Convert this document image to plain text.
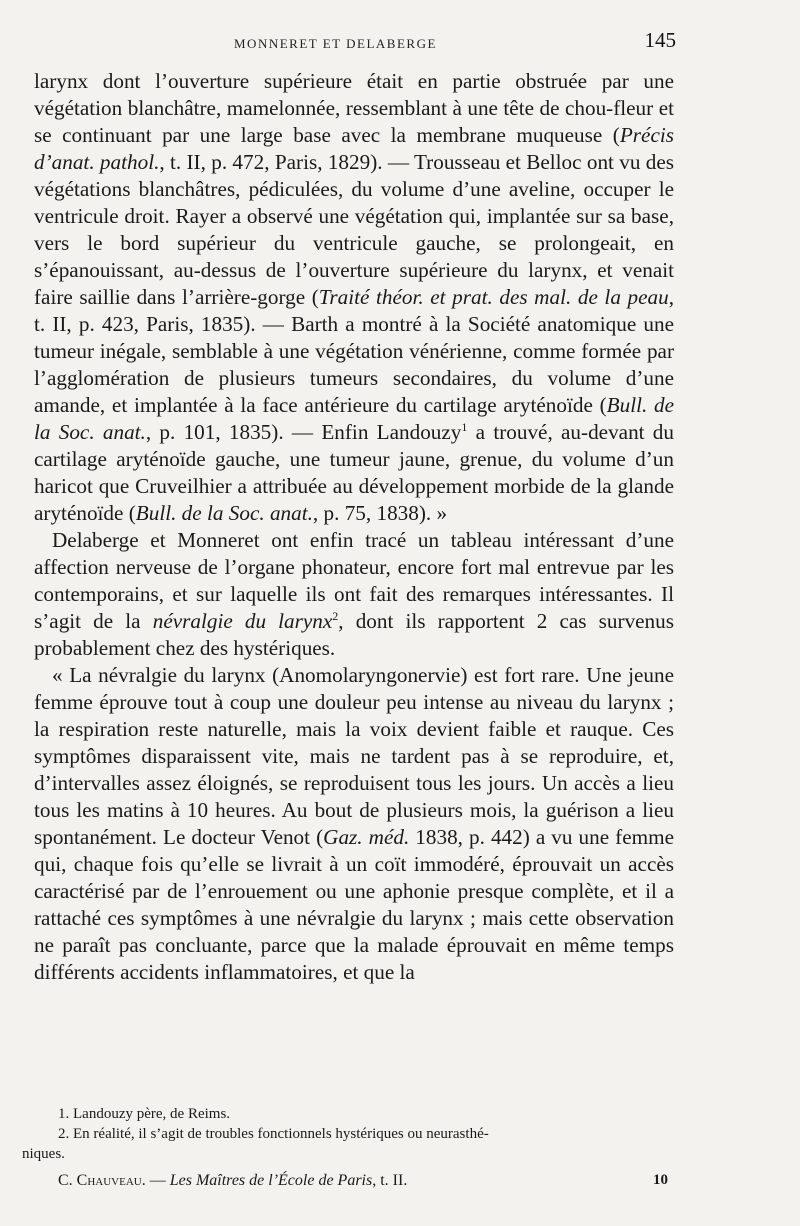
MONNERET ET DELABERGE	145

larynx dont l’ouverture supérieure était en partie obstruée par une végétation blanchâtre, mamelonnée, ressemblant à une tête de chou-fleur et se continuant par une large base avec la membrane muqueuse (Précis d’anat. pathol., t. II, p. 472, Paris, 1829). — Trousseau et Belloc ont vu des végétations blanchâtres, pédiculées, du volume d’une aveline, occuper le ventricule droit. Rayer a observé une végétation qui, implantée sur sa base, vers le bord supérieur du ventricule gauche, se prolongeait, en s’épanouissant, au-dessus de l’ouverture supérieure du larynx, et venait faire saillie dans l’arrière-gorge (Traité théor. et prat. des mal. de la peau, t. II, p. 423, Paris, 1835). — Barth a montré à la Société anatomique une tumeur inégale, semblable à une végétation vénérienne, comme formée par l’agglomération de plusieurs tumeurs secondaires, du volume d’une amande, et implantée à la face antérieure du cartilage aryténoïde (Bull. de la Soc. anat., p. 101, 1835). — Enfin Landouzy$^1$ a trouvé, au-devant du cartilage aryténoïde gauche, une tumeur jaune, grenue, du volume d’un haricot que Cruveilhier a attribuée au développement morbide de la glande aryténoïde (Bull. de la Soc. anat., p. 75, 1838). »

Delaberge et Monneret ont enfin tracé un tableau intéressant d’une affection nerveuse de l’organe phonateur, encore fort mal entrevue par les contemporains, et sur laquelle ils ont fait des remarques intéressantes. Il s’agit de la névralgie du larynx$^2$, dont ils rapportent 2 cas survenus probablement chez des hystériques.

« La névralgie du larynx (Anomolaryngonervie) est fort rare. Une jeune femme éprouve tout à coup une douleur peu intense au niveau du larynx ; la respiration reste naturelle, mais la voix devient faible et rauque. Ces symptômes disparaissent vite, mais ne tardent pas à se reproduire, et, d’intervalles assez éloignés, se reproduisent tous les jours. Un accès a lieu tous les matins à 10 heures. Au bout de plusieurs mois, la guérison a lieu spontanément. Le docteur Venot (Gaz. méd. 1838, p. 442) a vu une femme qui, chaque fois qu’elle se livrait à un coït immodéré, éprouvait un accès caractérisé par de l’enrouement ou une aphonie presque complète, et il a rattaché ces symptômes à une névralgie du larynx ; mais cette observation ne paraît pas concluante, parce que la malade éprouvait en même temps différents accidents inflammatoires, et que la

1. Landouzy père, de Reims.

2. En réalité, il s’agit de troubles fonctionnels hystériques ou neurasthé-

niques.

C. Chauveau. — Les Maîtres de l’École de Paris, t. II.	10
